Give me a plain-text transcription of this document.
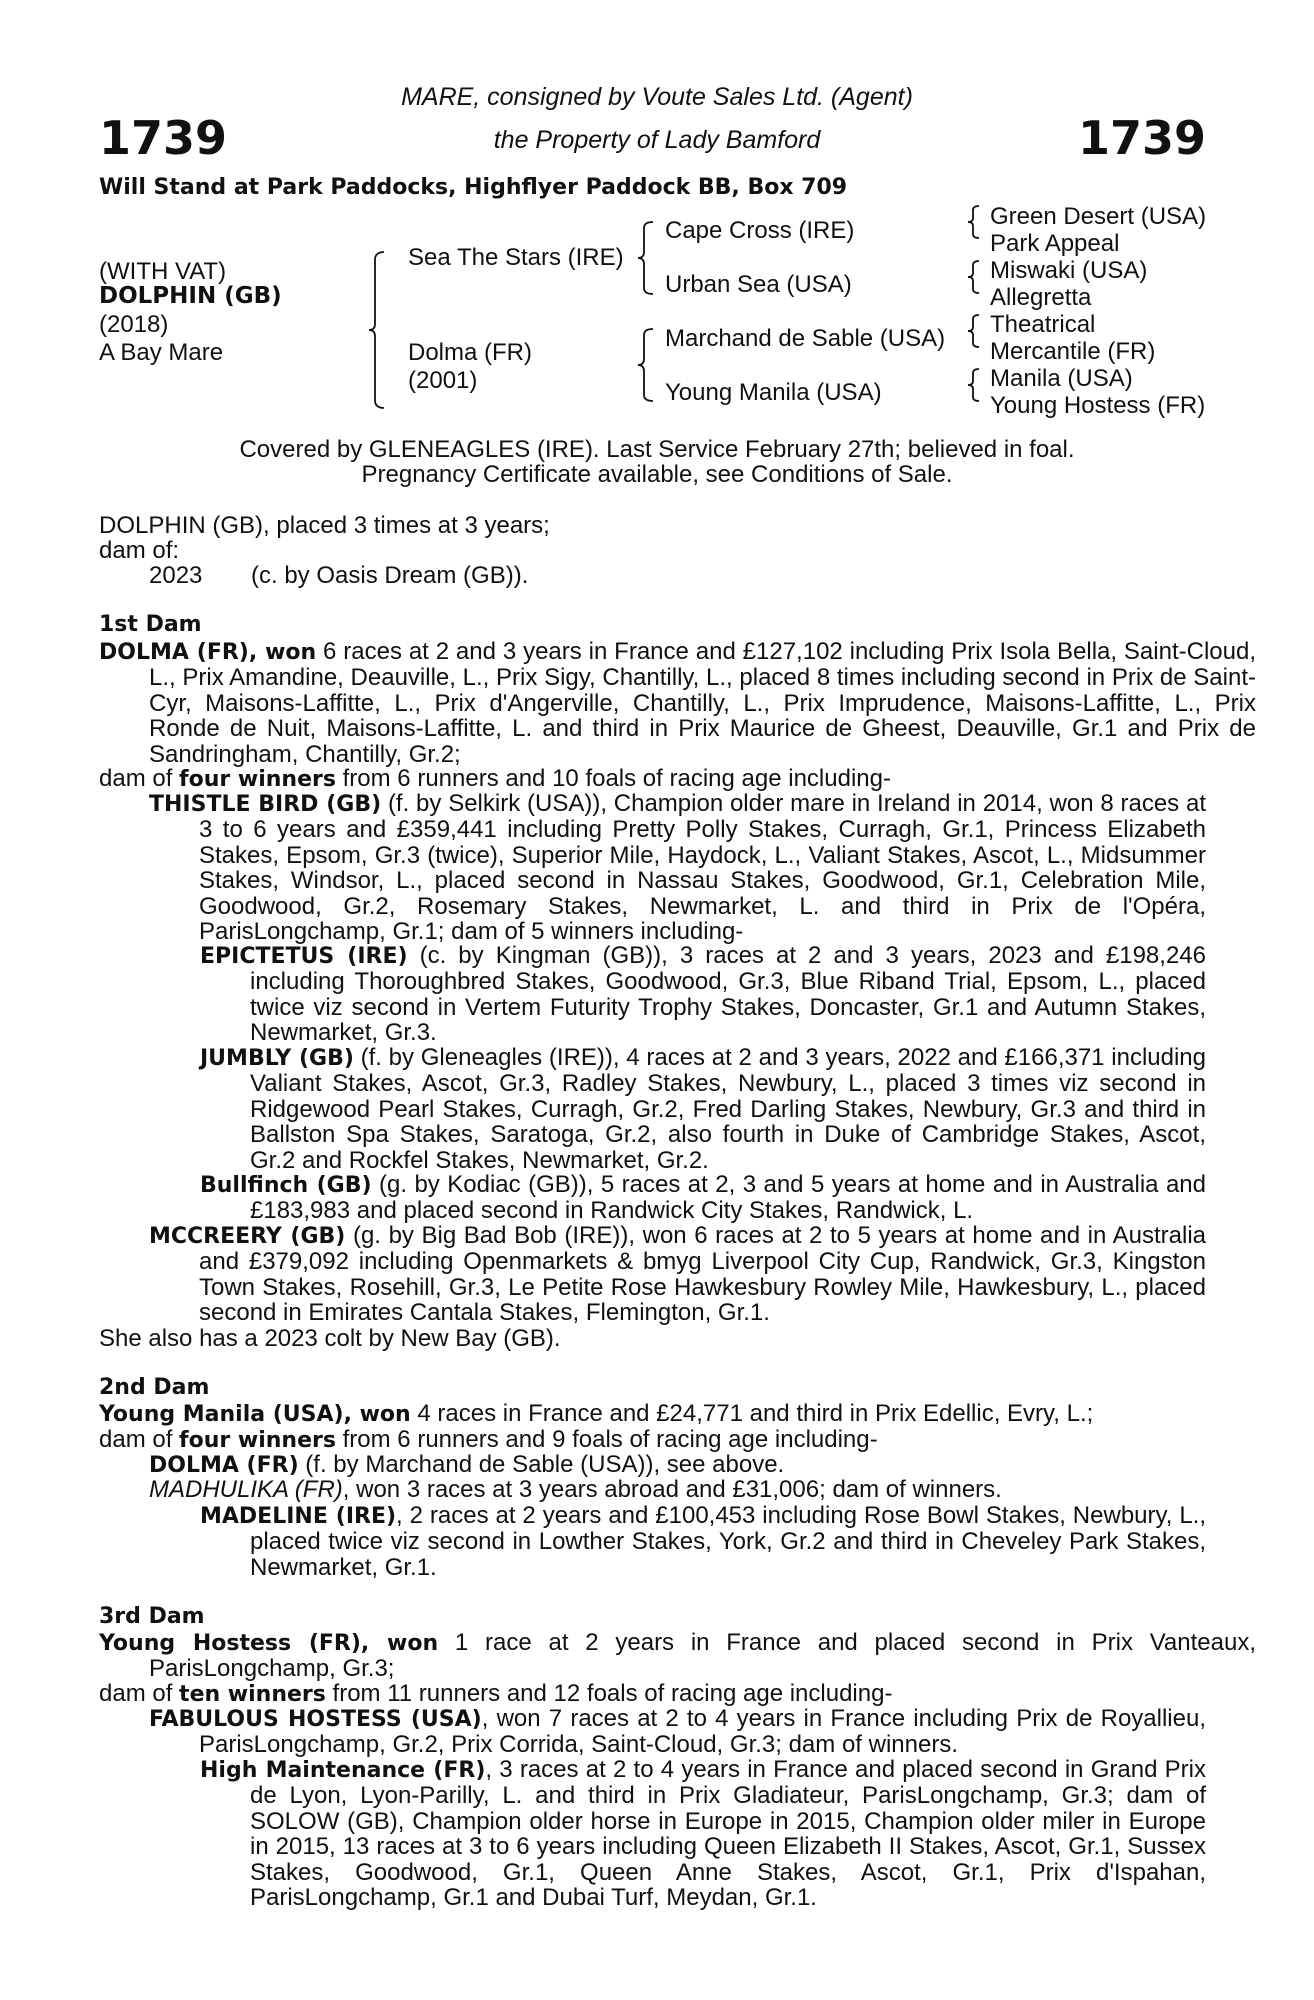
1739	1739
MARE, consigned by Voute Sales Ltd. (Agent)
the Property of Lady Bamford
Will Stand at Park Paddocks, Highflyer Paddock BB, Box 709
(WITH VAT)
DOLPHIN (GB)
(2018)
A Bay Mare
Sea The Stars (IRE)
Dolma (FR)
(2001)
Cape Cross (IRE)
Urban Sea (USA)
Marchand de Sable (USA)
Young Manila (USA)
Green Desert (USA)
Park Appeal
Miswaki (USA)
Allegretta
Theatrical
Mercantile (FR)
Manila (USA)
Young Hostess (FR)
Covered by GLENEAGLES (IRE). Last Service February 27th; believed in foal.
Pregnancy Certificate available, see Conditions of Sale.
DOLPHIN (GB), placed 3 times at 3 years;
dam of:
2023 (c. by Oasis Dream (GB)).
1st Dam
DOLMA (FR), won 6 races at 2 and 3 years in France and £127,102 including Prix Isola Bella, Saint-Cloud, L., Prix Amandine, Deauville, L., Prix Sigy, Chantilly, L., placed 8 times including second in Prix de Saint-Cyr, Maisons-Laffitte, L., Prix d'Angerville, Chantilly, L., Prix Imprudence, Maisons-Laffitte, L., Prix Ronde de Nuit, Maisons-Laffitte, L. and third in Prix Maurice de Gheest, Deauville, Gr.1 and Prix de Sandringham, Chantilly, Gr.2;
dam of four winners from 6 runners and 10 foals of racing age including-
THISTLE BIRD (GB) (f. by Selkirk (USA)), Champion older mare in Ireland in 2014, won 8 races at 3 to 6 years and £359,441 including Pretty Polly Stakes, Curragh, Gr.1, Princess Elizabeth Stakes, Epsom, Gr.3 (twice), Superior Mile, Haydock, L., Valiant Stakes, Ascot, L., Midsummer Stakes, Windsor, L., placed second in Nassau Stakes, Goodwood, Gr.1, Celebration Mile, Goodwood, Gr.2, Rosemary Stakes, Newmarket, L. and third in Prix de l'Opéra, ParisLongchamp, Gr.1; dam of 5 winners including-
EPICTETUS (IRE) (c. by Kingman (GB)), 3 races at 2 and 3 years, 2023 and £198,246 including Thoroughbred Stakes, Goodwood, Gr.3, Blue Riband Trial, Epsom, L., placed twice viz second in Vertem Futurity Trophy Stakes, Doncaster, Gr.1 and Autumn Stakes, Newmarket, Gr.3.
JUMBLY (GB) (f. by Gleneagles (IRE)), 4 races at 2 and 3 years, 2022 and £166,371 including Valiant Stakes, Ascot, Gr.3, Radley Stakes, Newbury, L., placed 3 times viz second in Ridgewood Pearl Stakes, Curragh, Gr.2, Fred Darling Stakes, Newbury, Gr.3 and third in Ballston Spa Stakes, Saratoga, Gr.2, also fourth in Duke of Cambridge Stakes, Ascot, Gr.2 and Rockfel Stakes, Newmarket, Gr.2.
Bullfinch (GB) (g. by Kodiac (GB)), 5 races at 2, 3 and 5 years at home and in Australia and £183,983 and placed second in Randwick City Stakes, Randwick, L.
MCCREERY (GB) (g. by Big Bad Bob (IRE)), won 6 races at 2 to 5 years at home and in Australia and £379,092 including Openmarkets & bmyg Liverpool City Cup, Randwick, Gr.3, Kingston Town Stakes, Rosehill, Gr.3, Le Petite Rose Hawkesbury Rowley Mile, Hawkesbury, L., placed second in Emirates Cantala Stakes, Flemington, Gr.1.
She also has a 2023 colt by New Bay (GB).
2nd Dam
Young Manila (USA), won 4 races in France and £24,771 and third in Prix Edellic, Evry, L.;
dam of four winners from 6 runners and 9 foals of racing age including-
DOLMA (FR) (f. by Marchand de Sable (USA)), see above.
MADHULIKA (FR), won 3 races at 3 years abroad and £31,006; dam of winners.
MADELINE (IRE), 2 races at 2 years and £100,453 including Rose Bowl Stakes, Newbury, L., placed twice viz second in Lowther Stakes, York, Gr.2 and third in Cheveley Park Stakes, Newmarket, Gr.1.
3rd Dam
Young Hostess (FR), won 1 race at 2 years in France and placed second in Prix Vanteaux, ParisLongchamp, Gr.3;
dam of ten winners from 11 runners and 12 foals of racing age including-
FABULOUS HOSTESS (USA), won 7 races at 2 to 4 years in France including Prix de Royallieu, ParisLongchamp, Gr.2, Prix Corrida, Saint-Cloud, Gr.3; dam of winners.
High Maintenance (FR), 3 races at 2 to 4 years in France and placed second in Grand Prix de Lyon, Lyon-Parilly, L. and third in Prix Gladiateur, ParisLongchamp, Gr.3; dam of SOLOW (GB), Champion older horse in Europe in 2015, Champion older miler in Europe in 2015, 13 races at 3 to 6 years including Queen Elizabeth II Stakes, Ascot, Gr.1, Sussex Stakes, Goodwood, Gr.1, Queen Anne Stakes, Ascot, Gr.1, Prix d'Ispahan, ParisLongchamp, Gr.1 and Dubai Turf, Meydan, Gr.1.
